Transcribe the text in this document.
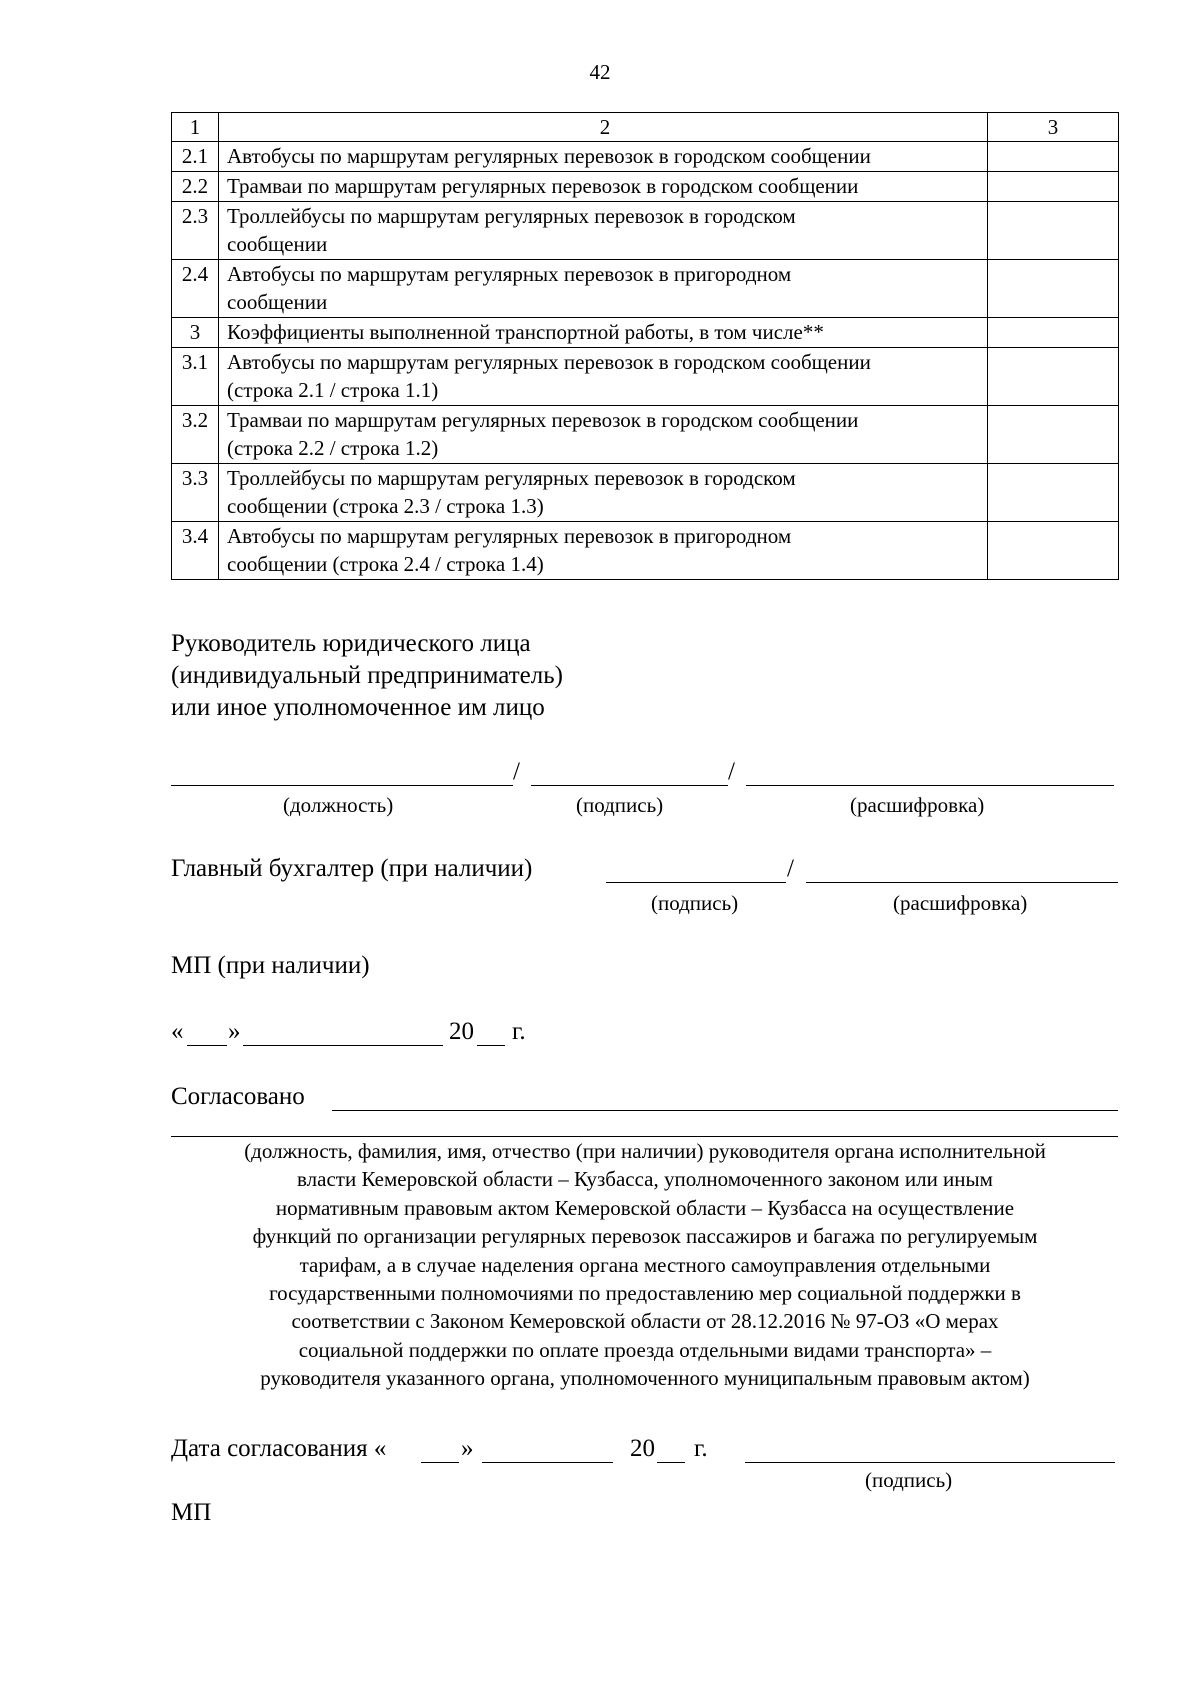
42
1	2	3
2.1	Автобусы по маршрутам регулярных перевозок в городском сообщении	

2.2	Трамваи по маршрутам регулярных перевозок в городском сообщении	

2.3	Троллейбусы по маршрутам регулярных перевозок в городском
сообщении	

2.4	Автобусы по маршрутам регулярных перевозок в пригородном
сообщении	

3	Коэффициенты выполненной транспортной работы, в том числе**	

3.1	Автобусы по маршрутам регулярных перевозок в городском сообщении
(строка 2.1 / строка 1.1)	

3.2	Трамваи по маршрутам регулярных перевозок в городском сообщении
(строка 2.2 / строка 1.2)	

3.3	Троллейбусы по маршрутам регулярных перевозок в городском
сообщении (строка 2.3 / строка 1.3)	

3.4	Автобусы по маршрутам регулярных перевозок в пригородном
сообщении (строка 2.4 / строка 1.4)	

Руководитель юридического лица
(индивидуальный предприниматель)
или иное уполномоченное им лицо
/	/
(должность)	(подпись)	(расшифровка)
Главный бухгалтер (при наличии)	/
(подпись)	(расшифровка)
МП (при наличии)
« »	20 г.
Согласовано
(должность, фамилия, имя, отчество (при наличии) руководителя органа исполнительной
власти Кемеровской области – Кузбасса, уполномоченного законом или иным
нормативным правовым актом Кемеровской области – Кузбасса на осуществление
функций по организации регулярных перевозок пассажиров и багажа по регулируемым
тарифам, а в случае наделения органа местного самоуправления отдельными
государственными полномочиями по предоставлению мер социальной поддержки в
соответствии с Законом Кемеровской области от 28.12.2016 № 97-ОЗ «О мерах
социальной поддержки по оплате проезда отдельными видами транспорта» –
руководителя указанного органа, уполномоченного муниципальным правовым актом)
Дата согласования «	»	20 г.
(подпись)
МП
